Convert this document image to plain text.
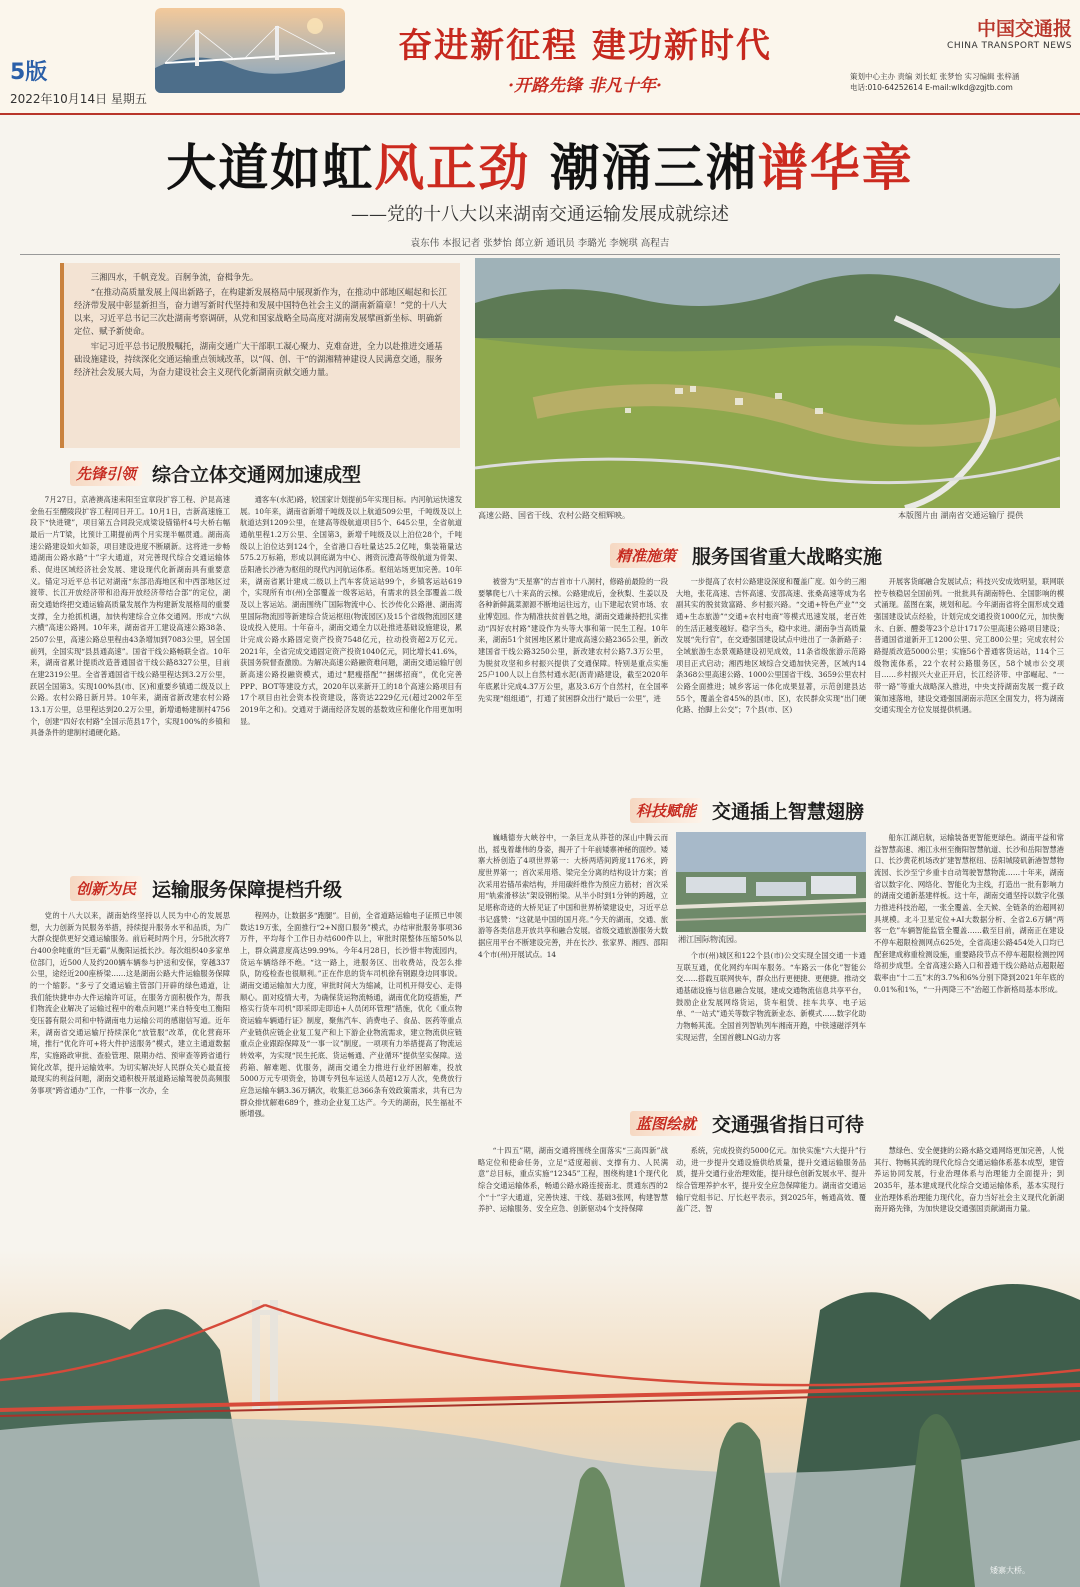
5版
2022年10月14日 星期五
奋进新征程 建功新时代
·开路先锋 非凡十年·
中国交通报
CHINA TRANSPORT NEWS
策划中心主办 责编 刘长虹 张梦怡 实习编辑 张梓涵
电话:010-64252614 E-mail:wlkd@zgjtb.com
大道如虹风正劲 潮涌三湘谱华章
——党的十八大以来湖南交通运输发展成就综述
袁东伟 本报记者 张梦怡 郎立新 通讯员 李璐光 李婉琪 高程吉

三湘四水，千帆竞发。百舸争流，奋楫争先。

“在推动高质量发展上闯出新路子，在构建新发展格局中展现新作为，在推动中部地区崛起和长江经济带发展中彰显新担当，奋力谱写新时代坚持和发展中国特色社会主义的湖南新篇章！”党的十八大以来，习近平总书记三次赴湖南考察调研，从党和国家战略全局高度对湖南发展擘画新坐标、明确新定位、赋予新使命。

牢记习近平总书记殷殷嘱托，湖南交通广大干部职工凝心聚力、克难奋进，全力以赴推进交通基础设施建设，持续深化交通运输重点领域改革，以“闯、创、干”的湖湘精神建设人民满意交通，服务经济社会发展大局，为奋力建设社会主义现代化新湖南贡献交通力量。

高速公路、国省干线、农村公路交相辉映。	本版图片由 湖南省交通运输厅 提供
先锋引领 综合立体交通网加速成型

7月27日，京港澳高速耒阳至宜章段扩容工程、沪昆高速金鱼石至醴陵段扩容工程同日开工。10月1日，吉新高速施工段下“快进键”，项目第五合同段完成梁设锚锚杆4号大桥右幅最后一片T梁，比预计工期提前两个月实现半幅贯通。湖南高速公路建设如火如荼，项目建设进度不断刷新。这将进一步畅通湖南公路水路“十”字大通道，对完善现代综合交通运输体系、促进区域经济社会发展、建设现代化新湖南具有重要意义。锚定习近平总书记对湖南“东部沿海地区和中西部地区过渡带、长江开放经济带和沿海开放经济带结合部”的定位，湖南交通始终把交通运输高质量发展作为构建新发展格局的重要支撑，全力抢抓机遇，加快构建综合立体交通网。形成“六纵六横”高速公路网。10年来，湖南省开工建设高速公路38条、2507公里，高速公路总里程由43条增加到7083公里，居全国前列，全国实现“县县通高速”。国省干线公路畅联全省。10年来，湖南省累计提质改造普通国省干线公路8327公里，目前在建2319公里。全省普通国省干线公路里程达到3.2万公里，跃居全国第3。实现100%县(市、区)和重要乡镇通二级及以上公路。农村公路日新月异。10年来，湖南省新改建农村公路13.1万公里，总里程达到20.2万公里，新增通畅建制村4756个，创建“四好农村路”全国示范县17个，实现100%的乡镇和具备条件的建制村通硬化路。

通客车(水泥)路，较国家计划提前5年实现目标。内河航运快速发展。10年来，湖南省新增千吨级及以上航道509公里，千吨级及以上航道达到1209公里，在建高等级航道项目5个、645公里，全省航道通航里程1.2万公里、全国第3，新增千吨级及以上泊位28个，千吨级以上泊位达到124个，全省港口吞吐量达25.2亿吨，集装箱量达575.2万标箱，形成以洞庭湖为中心、湘资沅澧高等级航道为骨架、岳阳港长沙港为枢纽的现代内河航运体系。枢纽站场更加完善。10年来，湖南省累计建成二级以上汽车客货运站99个，乡镇客运站619个，实现所有市(州)全部覆盖一级客运站，有需求的县全部覆盖二级及以上客运站。湖南围绕广国际物流中心、长沙传化公路港、湖南湾里国际物流园等新建综合货运枢纽(物流园区)及15个省级物流园区建设成投入使用。十年奋斗，湖南交通全力以赴推进基础设施建设，累计完成公路水路固定资产投资7548亿元，拉动投资超2万亿元。2021年，全省完成交通固定资产投资1040亿元，同比增长41.6%，获国务院督查激励。为解决高速公路融资难问题，湖南交通运输厅创新高速公路投融资模式，通过“肥瘦搭配”“捆绑招商”，优化完善PPP、BOT等建设方式，2020年以来新开工的18个高速公路项目有17个项目由社会资本投资建设，落资达2229亿元(超过2002年至2019年之和)。交通对于湖南经济发展的基数效应和催化作用更加明显。

创新为民 运输服务保障提档升级

党的十八大以来，湖南始终坚持以人民为中心的发展思想，大力创新为民服务举措，持续提升服务水平和品质，为广大群众提供更好交通运输服务。前后耗时两个月，分5批次将7台400余吨重的“巨无霸”从衡阳运抵长沙。每次组织40多家单位部门，近500人及约200辆车辆参与护送和安保，穿越337公里，途经近200座桥梁……这是湖南公路大件运输服务保障的一个缩影。“多亏了交通运输主管部门开辟的绿色通道，让我们能快捷申办大件运输许可证，在服务方面积极作为，帮我们物流企业解决了运输过程中的难点问题!”来自特变电工衡阳变压器有限公司和中特湖南电力运输公司的感谢信写道。近年来，湖南省交通运输厅持续深化“放管服”改革，优化营商环境，推行“优化许可+将大件护送服务”模式，建立主通道数据库，实施路政审批、查验管理、限期办结、预审查等跨省通行简化改革，提升运输效率。为切实解决好人民群众关心最直接最现实的利益问题，湖南交通积极开展道路运输驾驶员高频服务事项“跨省通办”工作，一件事一次办，全

程网办，让数据多“跑腿”。目前，全省道路运输电子证照已申领数达19万张，全面推行“2+N窗口服务”模式，办结审批服务事项36万件，平均每个工作日办结600件以上，审批时限整体压缩50%以上，群众满意度高达99.99%。今年4月28日，长沙惜丰物流园内，货运车辆络绎不绝。“这一路上，进服务区、出收费站，没怎么排队，防疫检查也很顺利。”正在作息的货车司机徐有钢跟身边同事说。湖南交通运输加大力度，审批时间大为缩减，让司机开得安心、走得顺心。面对疫情大考，为确保货运物流畅通，湖南优化防疫措施，严格实行货车司机“即采即走即追+人员闭环管理”措施，优化《重点物资运输车辆通行证》制度，聚焦汽车、消费电子、食品、医药等重点产业链供应链企业复工复产和上下游企业物流需求，建立物流供应链重点企业跟踪保障及“一事一议”制度。一项项有力举措提高了物流运转效率，为实现“民生托底、货运畅通、产业循环”提供坚实保障。送药箱、解难题、优服务，湖南交通全力推进行业纾困解难，投放5000万元专项资金，协调专列包车运送人员超12万人次，免费放行应急运输车辆3.36万辆次，收集汇总366条有效政策需求，共有已为群众排忧解难689个，推动企业复工达产。今天的湖南，民生福祉不断增强。

精准施策 服务国省重大战略实施

被誉为“天星寨”的吉首市十八洞村，修路前最险的一段要攀爬七八十来高的云梯。公路建成后，金秋梨、生姜以及各种新鲜蔬菜源源不断地运往远方，山下建起农贸市场、农业博览园。作为精准扶贫首倡之地，湖南交通兼持把扎实推动“四好农村路”建设作为头等大事和第一民生工程。10年来，湖南51个贫困地区累计建成高速公路2365公里，新改建国省干线公路3250公里，新改建农村公路7.3万公里，为脱贫攻坚和乡村振兴提供了交通保障。特别是重点实施25户100人以上自然村通水泥(沥青)路建设，截至2020年年底累计完成4.37万公里，惠及3.6万个自然村，在全国率先实现“组组通”，打通了贫困群众出行“最后一公里”，进

一步提高了农村公路建设深度和覆盖广度。如今的三湘大地，张花高速、吉怀高速、安邵高速、张桑高速等成为名副其实的脱贫致富路、乡村振兴路。“交通+特色产业”“交通+生态旅游”“交通+农村电商”等模式迅速发展，老百姓的生活正越变越好。稳字当头，稳中求进。湖南争当高质量发展“先行官”，在交通强国建设试点中进出了一条新路子：全域旅游生态景观路建设初见成效，11条省级旅游示范路项目正式启动；湘西地区域综合交通加快完善，区域内14条368公里高速公路、1000公里国省干线、3659公里农村公路全面推进；城乡客运一体化成果显著，示范创建县达55个，覆盖全省45%的县(市、区)，农民群众实现“出门硬化路、抬脚上公交”；7个县(市、区)

开展客货邮融合发展试点；科技兴安成效明显，联网联控专核稳居全国前列。一批批具有湖南特色、全国影响的模式涌现。蓝图在案，规划和起。今年湖南省将全面形成交通强国建设试点经验，计划完成交通投资1000亿元，加快衡永、白新、醴娄等23个总计1717公里高速公路项目建设；普通国省道新开工1200公里、完工800公里；完成农村公路提质改造5000公里；实施56个普通客货运站，114个三级物流体系，22个农村公路服务区，58个城市公交项目……乡村振兴大业正开启，长江经济带、中部崛起、“一带一路”等重大战略深入推进，中央支持湖南发展一揽子政策加速落地，建设交通强国湖南示范区全面发力，将为湖南交通实现全方位发展提供机遇。

科技赋能 交通插上智慧翅膀

巍峨德夯大峡谷中，一条巨龙从莽苍的深山中腾云而出，摇曳着雄伟的身姿，揭开了十年前矮寨神秘的面纱。矮寨大桥创造了4项世界第一：大桥两塔间跨度1176米，跨度世界第一；首次采用塔、梁完全分离的结构设计方案；首次采用岩锚吊索结构，并用碳纤维作为预应力筋材；首次采用“轨索滑移法”架设钢桁梁。从半小时到1分钟的跨越，立足堪称奇迹的大桥见证了中国和世界桥梁建设史，习近平总书记盛赞：“这就是中国的国月亮。”今天的湖南，交通、旅游等各类信息开放共享和融合发展。省级交通旅游服务大数据应用平台不断建设完善，并在长沙、张家界、湘西、邵阳4个市(州)开展试点。14

湘江国际物流园。

个市(州)城区和122个县(市)公交实现全国交通一卡通互联互通，优化网约车叫车服务。“车路云一体化”智能公交……搭载互联网快车，群众出行更便捷、更便捷。推动交通基础设施与信息融合发展，建成交通物流信息共享平台，鼓励企业发展网络货运，货车租赁、挂车共享、电子运单、“一站式”通关等数字物流新业态、新模式……数字化助力物畅其流。全国首列智轨列车湘南开跑，中铁速磁浮列车实现运营，全国首艘LNG动力客

船东江湖启航，运输装备更智能更绿色。湖南平益和常益智慧高速、湘江永州至衡阳智慧航道、长沙和岳阳智慧港口、长沙黄花机场改扩建智慧枢纽、岳阳城陵矶新港智慧物流园、长沙至宁乡重卡自动驾驶智慧物流……十年来，湖南省以数字化、网络化、智能化为主线，打造出一批有影响力的湖南交通新基建样板。这十年，湖南交通坚持以数字化强力推进科技治超，一张全覆盖、全天候、全链条的治超网初具规模。北斗卫星定位+AI大数据分析、全省2.6万辆“两客一危”车辆智能监管全覆盖……截至目前，湖南正在建设不停车超限检测网点625处，全省高速公路454处入口均已配套建成称重检测设施，重要路段节点不停车超限检测控网络初步成型。全省高速公路入口和普通干线公路站点超限超载率由“十二五”末的3.7%和6%分别下降到2021年年底的0.01%和1%，“一升两降三不”治超工作新格局基本形成。

蓝图绘就 交通强省指日可待

“十四五”期，湖南交通将围绕全面落实“三高四新”战略定位和使命任务，立足“适度超前、支撑有力、人民满意”总目标，重点实施“12345”工程，围绕构建1个现代化综合交通运输体系，畅通公路水路连接南北、贯通东西的2个“十”字大通道，完善快速、干线、基础3张网，构建智慧养护、运输服务、安全应急、创新驱动4个支持保障

系统，完成投资约5000亿元。加快实施“六大提升”行动，进一步提升交通设施供给质量，提升交通运输服务品质，提升交通行业治理效能，提升绿色创新发展水平、提升综合管理养护水平，提升安全应急保障能力。湖南省交通运输厅党组书记、厅长赵平表示，到2025年，畅通高效、覆盖广泛、智

慧绿色、安全便捷的公路水路交通网络更加完善，人悦其行、物畅其流的现代化综合交通运输体系基本成型，建管养运协同发展，行业治理体系与治理能力全面提升；到2035年，基本建成现代化综合交通运输体系，基本实现行业治理体系治理能力现代化，奋力当好社会主义现代化新湖南开路先锋，为加快建设交通强国贡献湖南力量。

矮寨大桥。
